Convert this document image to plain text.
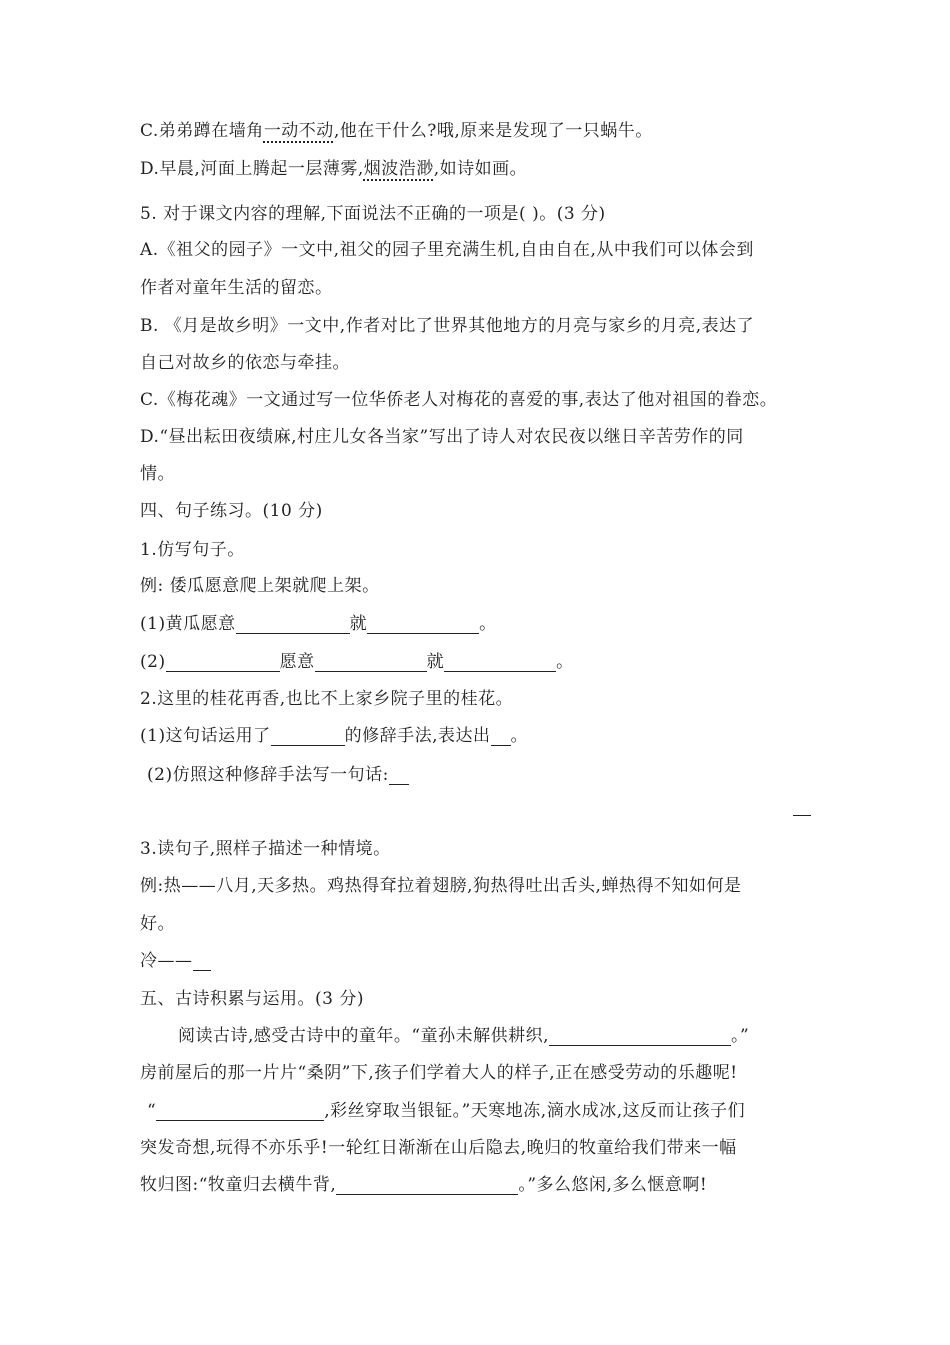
C.弟弟蹲在墙角一动不动,他在干什么?哦,原来是发现了一只蜗牛。
D.早晨,河面上腾起一层薄雾,烟波浩渺,如诗如画。
5. 对于课文内容的理解,下面说法不正确的一项是( )。(3 分)
A.《祖父的园子》一文中,祖父的园子里充满生机,自由自在,从中我们可以体会到
作者对童年生活的留恋。
B. 《月是故乡明》一文中,作者对比了世界其他地方的月亮与家乡的月亮,表达了
自己对故乡的依恋与牵挂。
C.《梅花魂》一文通过写一位华侨老人对梅花的喜爱的事,表达了他对祖国的眷恋。
D.“昼出耘田夜绩麻,村庄儿女各当家”写出了诗人对农民夜以继日辛苦劳作的同
情。
四、句子练习。(10 分)
1.仿写句子。
例: 倭瓜愿意爬上架就爬上架。
(1)黄瓜愿意	就	。
(2)	愿意	就	。
2.这里的桂花再香,也比不上家乡院子里的桂花。
(1)这句话运用了	的修辞手法,表达出 。
(2)仿照这种修辞手法写一句话:
3.读句子,照样子描述一种情境。
例:热——八月,天多热。鸡热得耷拉着翅膀,狗热得吐出舌头,蝉热得不知如何是
好。
冷——
五、古诗积累与运用。(3 分)
阅读古诗,感受古诗中的童年。“童孙未解供耕织,	。”
房前屋后的那一片片“桑阴”下,孩子们学着大人的样子,正在感受劳动的乐趣呢!
“	,彩丝穿取当银钲。”天寒地冻,滴水成冰,这反而让孩子们
突发奇想,玩得不亦乐乎!一轮红日渐渐在山后隐去,晚归的牧童给我们带来一幅
牧归图:“牧童归去横牛背,	。”多么悠闲,多么惬意啊!
